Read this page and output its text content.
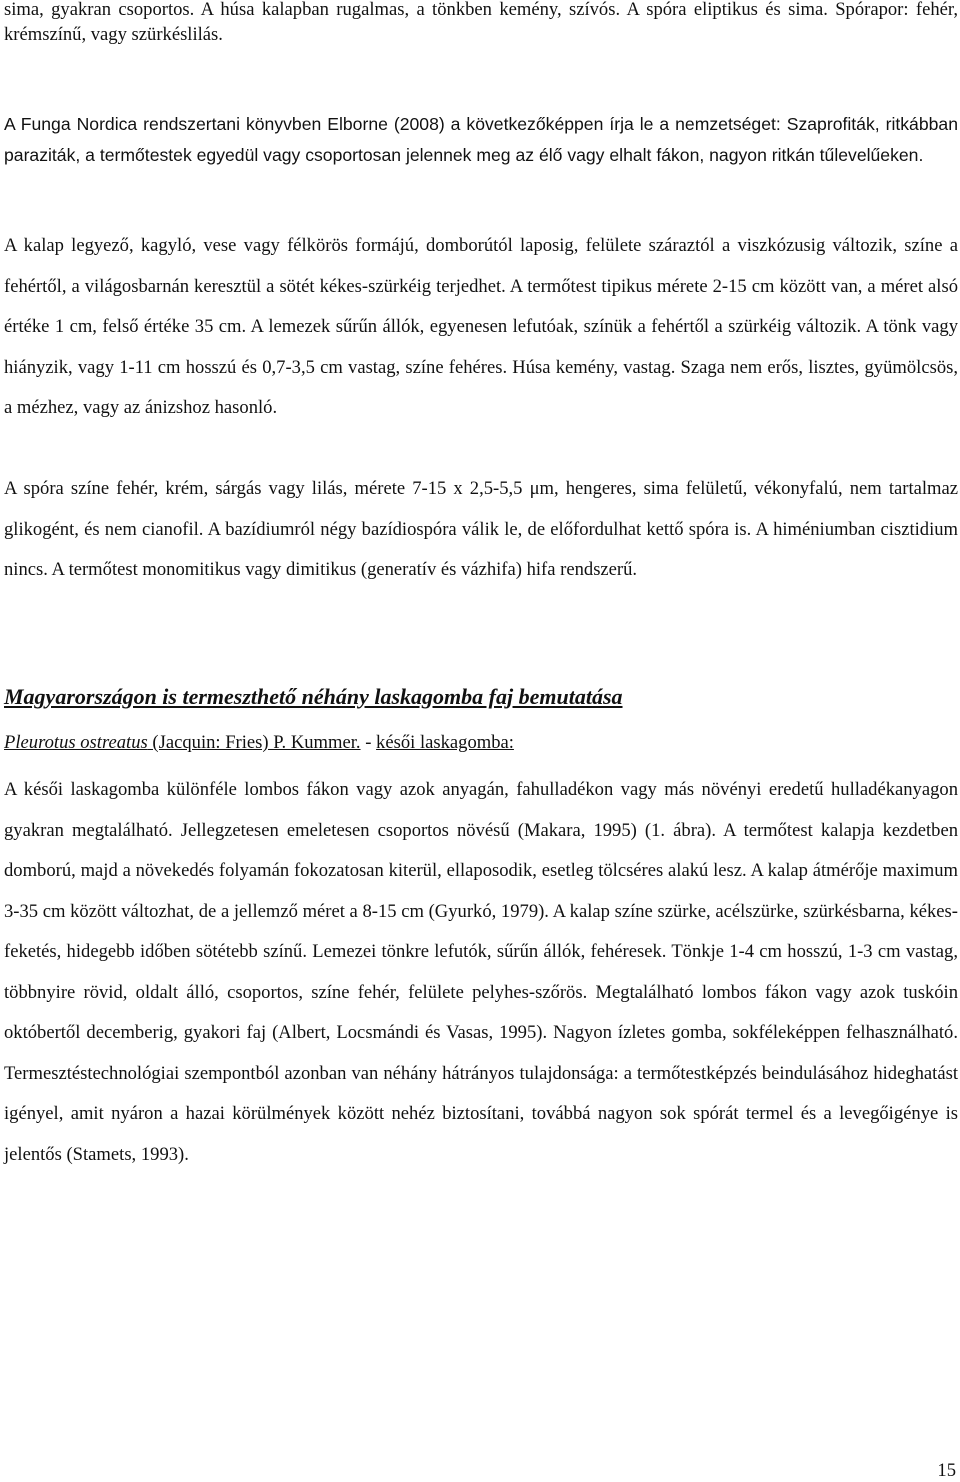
sima, gyakran csoportos. A húsa kalapban rugalmas, a tönkben kemény, szívós. A spóra eliptikus és sima. Spórapor: fehér, krémszínű, vagy szürkéslilás.

A Funga Nordica rendszertani könyvben Elborne (2008) a következőképpen írja le a nemzetséget: Szaprofiták, ritkábban paraziták, a termőtestek egyedül vagy csoportosan jelennek meg az élő vagy elhalt fákon, nagyon ritkán tűlevelűeken.

A kalap legyező, kagyló, vese vagy félkörös formájú, domborútól laposig, felülete száraztól a viszkózusig változik, színe a fehértől, a világosbarnán keresztül a sötét kékes-szürkéig terjedhet. A termőtest tipikus mérete 2-15 cm között van, a méret alsó értéke 1 cm, felső értéke 35 cm. A lemezek sűrűn állók, egyenesen lefutóak, színük a fehértől a szürkéig változik. A tönk vagy hiányzik, vagy 1-11 cm hosszú és 0,7-3,5 cm vastag, színe fehéres. Húsa kemény, vastag. Szaga nem erős, lisztes, gyümölcsös, a mézhez, vagy az ánizshoz hasonló.

A spóra színe fehér, krém, sárgás vagy lilás, mérete 7-15 x 2,5-5,5 μm, hengeres, sima felületű, vékonyfalú, nem tartalmaz glikogént, és nem cianofil. A bazídiumról négy bazídiospóra válik le, de előfordulhat kettő spóra is. A himéniumban cisztidium nincs. A termőtest monomitikus vagy dimitikus (generatív és vázhifa) hifa rendszerű.

Magyarországon is termeszthető néhány laskagomba faj bemutatása
Pleurotus ostreatus (Jacquin: Fries) P. Kummer. - késői laskagomba:

A késői laskagomba különféle lombos fákon vagy azok anyagán, fahulladékon vagy más növényi eredetű hulladékanyagon gyakran megtalálható. Jellegzetesen emeletesen csoportos növésű (Makara, 1995) (1. ábra). A termőtest kalapja kezdetben domború, majd a növekedés folyamán fokozatosan kiterül, ellaposodik, esetleg tölcséres alakú lesz. A kalap átmérője maximum 3-35 cm között változhat, de a jellemző méret a 8-15 cm (Gyurkó, 1979). A kalap színe szürke, acélszürke, szürkésbarna, kékes-feketés, hidegebb időben sötétebb színű. Lemezei tönkre lefutók, sűrűn állók, fehéresek. Tönkje 1-4 cm hosszú, 1-3 cm vastag, többnyire rövid, oldalt álló, csoportos, színe fehér, felülete pelyhes-szőrös. Megtalálható lombos fákon vagy azok tuskóin októbertől decemberig, gyakori faj (Albert, Locsmándi és Vasas, 1995). Nagyon ízletes gomba, sokféleképpen felhasználható. Termesztéstechnológiai szempontból azonban van néhány hátrányos tulajdonsága: a termőtestképzés beindulásához hideghatást igényel, amit nyáron a hazai körülmények között nehéz biztosítani, továbbá nagyon sok spórát termel és a levegőigénye is jelentős (Stamets, 1993).

15
